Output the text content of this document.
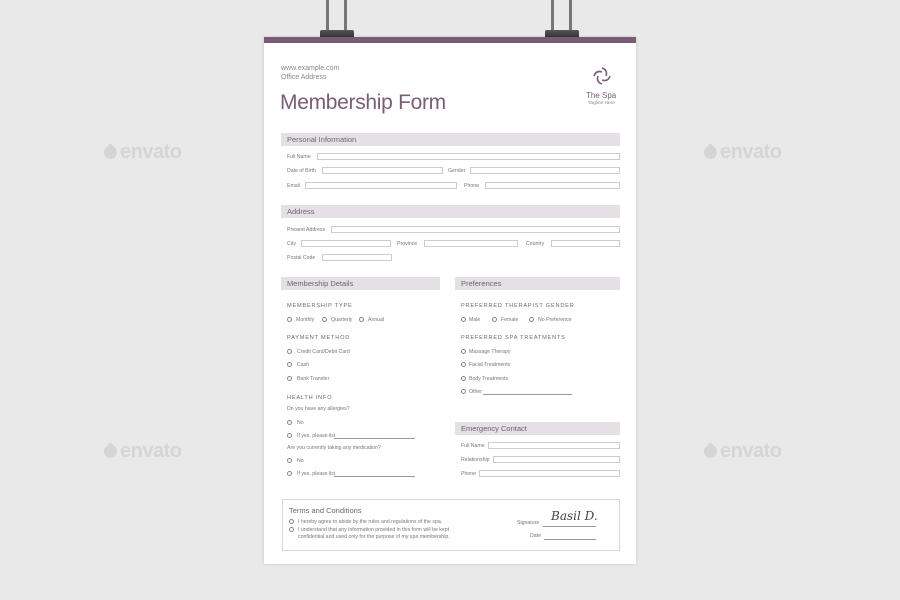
envato	envato
envato	envato
www.example.com
Office Address
Membership Form	The Spa
Tagline Here
Personal Information
Full Name
Date of Birth	Gender
Email	Phone
Address
Present Address
City	Province	Country
Postal Code
Membership Details
MEMBERSHIP TYPE
Monthly	Quarterly	Annual
PAYMENT METHOD
Credit Card/Debit Card
Cash
Bank Transfer
HEALTH INFO
Do you have any allergies?
No
If yes, please list
Are you currently taking any medication?
No
If yes, please list
Preferences
PREFERRED THERAPIST GENDER
Male	Female	No Preference
PREFERRED SPA TREATMENTS
Massage Therapy
Facial Treatments
Body Treatments
Other
Emergency Contact
Full Name
Relationship
Phone
Terms and Conditions
I hereby agree to abide by the rules and regulations of the spa.
I understand that any information provided in this form will be kept
confidential and used only for the purpose of my spa membership.
Signature Basil D.
Date
